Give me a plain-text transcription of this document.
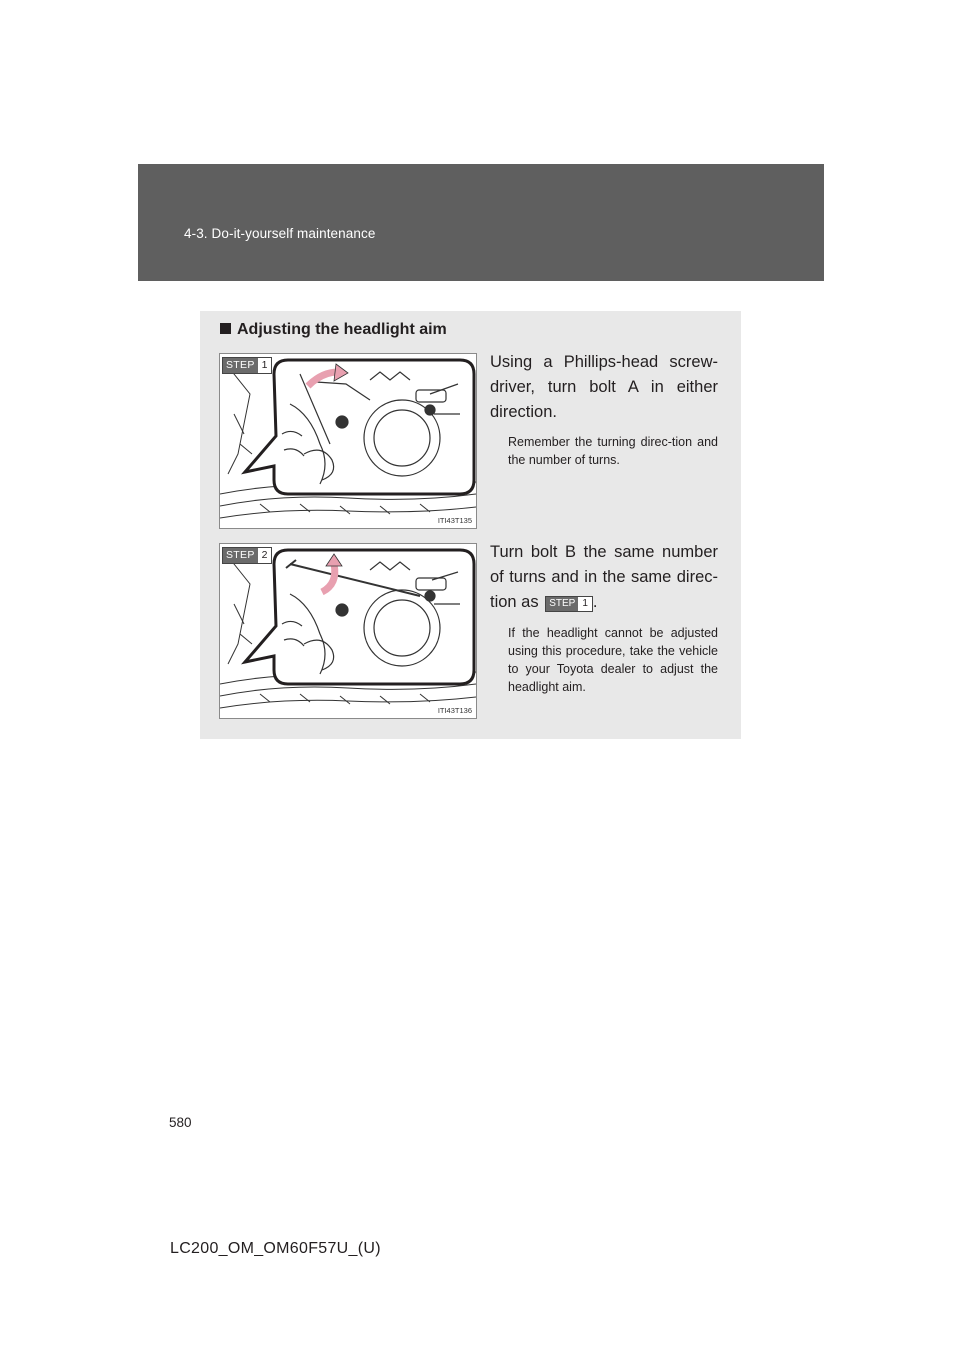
4-3. Do-it-yourself maintenance
Adjusting the headlight aim
STEP 1
ITI43T135
Using a Phillips-head screw-driver, turn bolt A in either direction.
Remember the turning direc-tion and the number of turns.
STEP 2
ITI43T136
Turn bolt B the same number of turns and in the same direc-tion as	STEP 1 .
If the headlight cannot be adjusted using this procedure, take the vehicle to your Toyota dealer to adjust the headlight aim.
580
LC200_OM_OM60F57U_(U)
